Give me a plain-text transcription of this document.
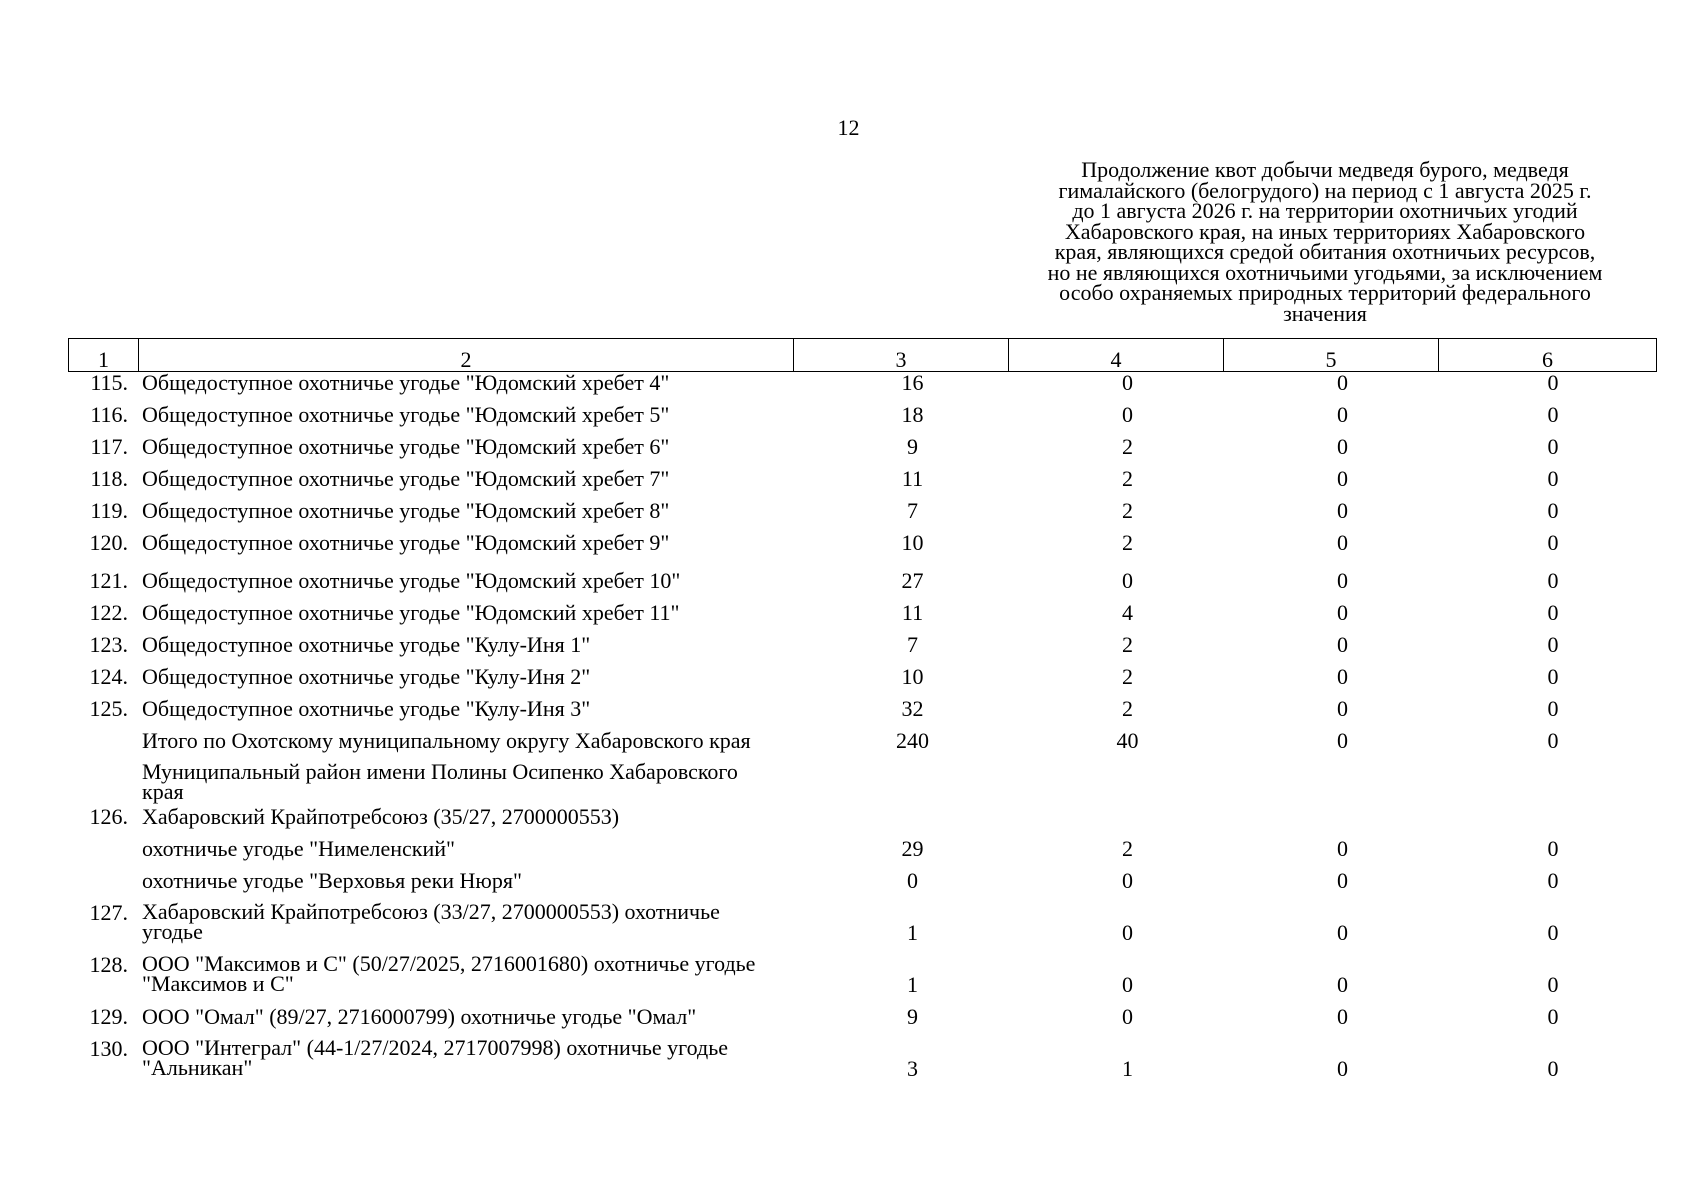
12
Продолжение квот добычи медведя бурого, медведя
гималайского (белогрудого) на период с 1 августа 2025 г.
до 1 августа 2026 г. на территории охотничьих угодий
Хабаровского края, на иных территориях Хабаровского
края, являющихся средой обитания охотничьих ресурсов,
но не являющихся охотничьими угодьями, за исключением
особо охраняемых природных территорий федерального
значения
1	2	3	4	5	6
115. Общедоступное охотничье угодье "Юдомский хребет 4"	16	0	0	0
116. Общедоступное охотничье угодье "Юдомский хребет 5"	18	0	0	0
117. Общедоступное охотничье угодье "Юдомский хребет 6"	9	2	0	0
118. Общедоступное охотничье угодье "Юдомский хребет 7"	11	2	0	0
119. Общедоступное охотничье угодье "Юдомский хребет 8"	7	2	0	0
120. Общедоступное охотничье угодье "Юдомский хребет 9"	10	2	0	0
121. Общедоступное охотничье угодье "Юдомский хребет 10"	27	0	0	0
122. Общедоступное охотничье угодье "Юдомский хребет 11"	11	4	0	0
123. Общедоступное охотничье угодье "Кулу-Иня 1"	7	2	0	0
124. Общедоступное охотничье угодье "Кулу-Иня 2"	10	2	0	0
125. Общедоступное охотничье угодье "Кулу-Иня 3"	32	2	0	0
Итого по Охотскому муниципальному округу Хабаровского края	240	40	0	0
Муниципальный район имени Полины Осипенко Хабаровского
края
126. Хабаровский Крайпотребсоюз (35/27, 2700000553)
охотничье угодье "Нимеленский"	29	2	0	0
охотничье угодье "Верховья реки Нюря"	0	0	0	0
127. Хабаровский Крайпотребсоюз (33/27, 2700000553) охотничье
угодье	1	0	0	0
128. ООО "Максимов и С" (50/27/2025, 2716001680) охотничье угодье
"Максимов и С"	1	0	0	0
129. ООО "Омал" (89/27, 2716000799) охотничье угодье "Омал"	9	0	0	0
130. ООО "Интеграл" (44-1/27/2024, 2717007998) охотничье угодье
"Альникан"	3	1	0	0
